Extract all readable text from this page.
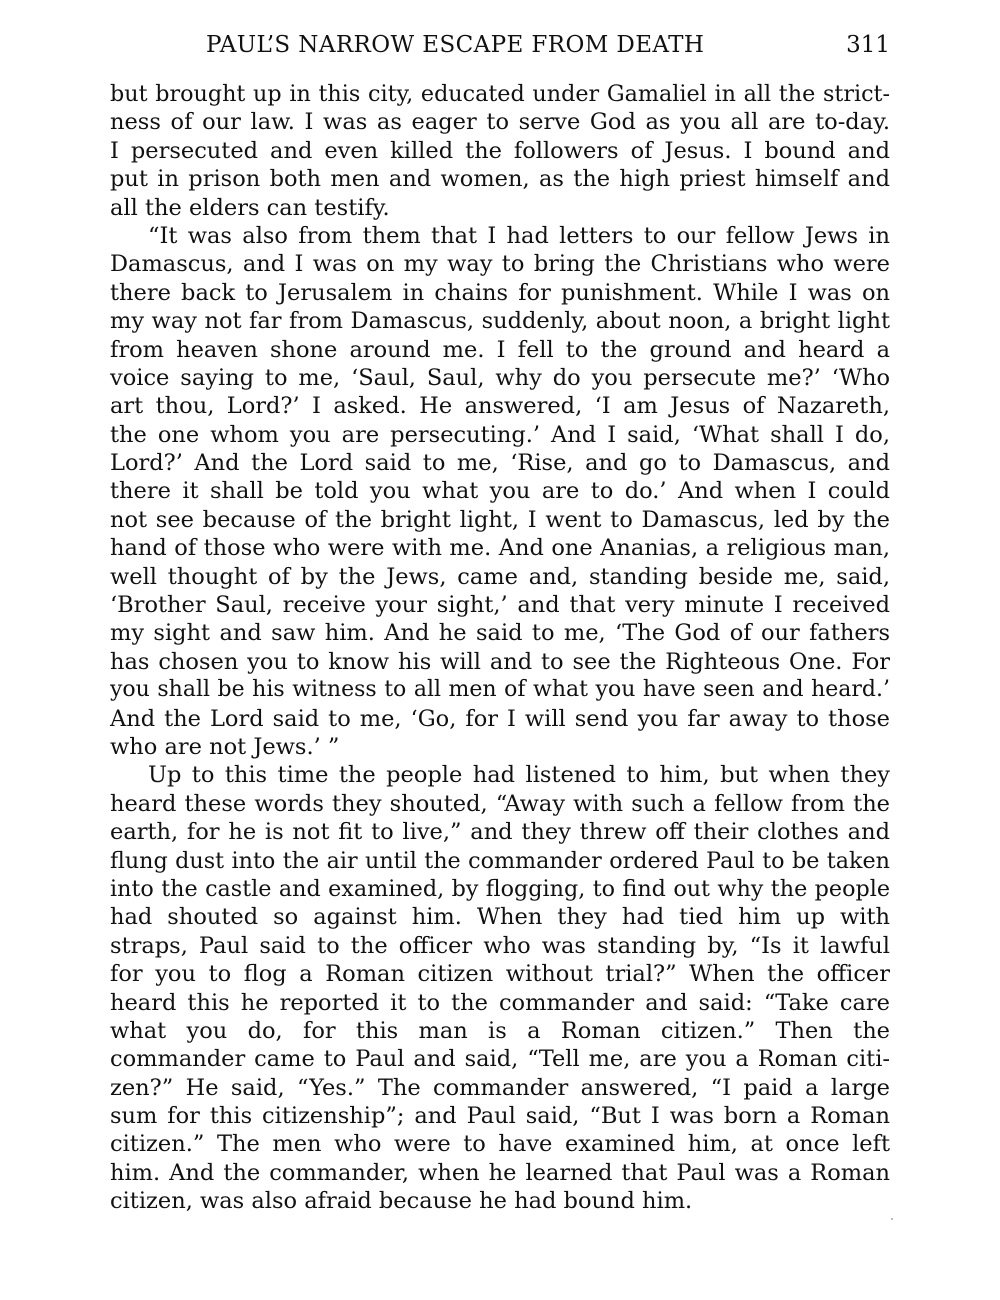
PAUL’S NARROW ESCAPE FROM DEATH	311
but brought up in this city, educated under Gamaliel in all the strict-
ness of our law. I was as eager to serve God as you all are to-day.
I persecuted and even killed the followers of Jesus. I bound and
put in prison both men and women, as the high priest himself and
all the elders can testify.
“It was also from them that I had letters to our fellow Jews in
Damascus, and I was on my way to bring the Christians who were
there back to Jerusalem in chains for punishment. While I was on
my way not far from Damascus, suddenly, about noon, a bright light
from heaven shone around me. I fell to the ground and heard a
voice saying to me, ‘Saul, Saul, why do you persecute me?’ ‘Who
art thou, Lord?’ I asked. He answered, ‘I am Jesus of Nazareth,
the one whom you are persecuting.’ And I said, ‘What shall I do,
Lord?’ And the Lord said to me, ‘Rise, and go to Damascus, and
there it shall be told you what you are to do.’ And when I could
not see because of the bright light, I went to Damascus, led by the
hand of those who were with me. And one Ananias, a religious man,
well thought of by the Jews, came and, standing beside me, said,
‘Brother Saul, receive your sight,’ and that very minute I received
my sight and saw him. And he said to me, ‘The God of our fathers
has chosen you to know his will and to see the Righteous One. For
you shall be his witness to all men of what you have seen and heard.’
And the Lord said to me, ‘Go, for I will send you far away to those
who are not Jews.’ ”
Up to this time the people had listened to him, but when they
heard these words they shouted, “Away with such a fellow from the
earth, for he is not fit to live,” and they threw off their clothes and
flung dust into the air until the commander ordered Paul to be taken
into the castle and examined, by flogging, to find out why the people
had shouted so against him. When they had tied him up with
straps, Paul said to the officer who was standing by, “Is it lawful
for you to flog a Roman citizen without trial?” When the officer
heard this he reported it to the commander and said: “Take care
what you do, for this man is a Roman citizen.” Then the
commander came to Paul and said, “Tell me, are you a Roman citi-
zen?” He said, “Yes.” The commander answered, “I paid a large
sum for this citizenship”; and Paul said, “But I was born a Roman
citizen.” The men who were to have examined him, at once left
him. And the commander, when he learned that Paul was a Roman
citizen, was also afraid because he had bound him.
